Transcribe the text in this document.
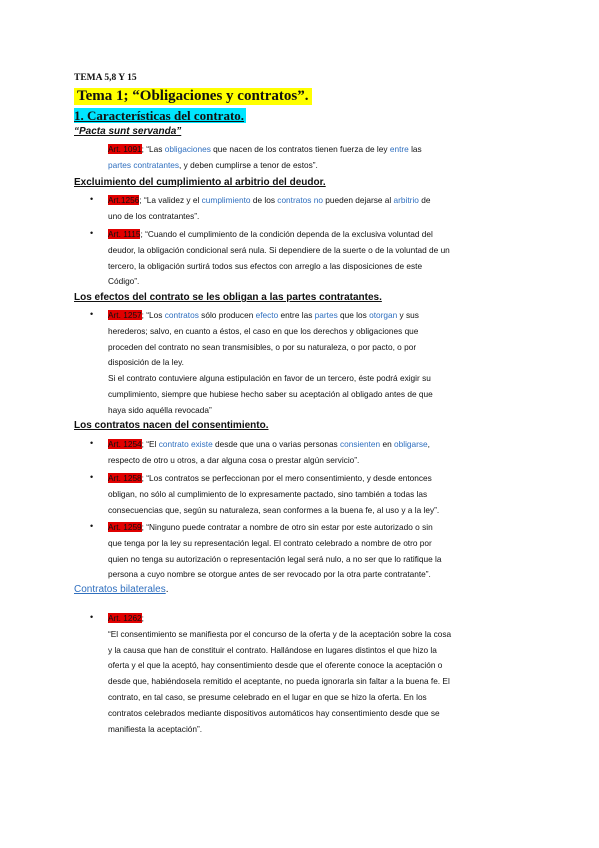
TEMA 5,8 Y 15
Tema 1; “Obligaciones y contratos”.
1. Características del contrato.
“Pacta sunt servanda”

Art. 1091; “Las obligaciones que nacen de los contratos tienen fuerza de ley entre las

partes contratantes, y deben cumplirse a tenor de estos”.

Excluimiento del cumplimiento al arbitrio del deudor.
• Art.1256; “La validez y el cumplimiento de los contratos no pueden dejarse al arbitrio de

uno de los contratantes”.

• Art. 1115; “Cuando el cumplimiento de la condición dependa de la exclusiva voluntad del

deudor, la obligación condicional será nula. Si dependiere de la suerte o de la voluntad de un

tercero, la obligación surtirá todos sus efectos con arreglo a las disposiciones de este

Código”.

Los efectos del contrato se les obligan a las partes contratantes.
• Art. 1257; “Los contratos sólo producen efecto entre las partes que los otorgan y sus

herederos; salvo, en cuanto a éstos, el caso en que los derechos y obligaciones que

proceden del contrato no sean transmisibles, o por su naturaleza, o por pacto, o por

disposición de la ley.

Si el contrato contuviere alguna estipulación en favor de un tercero, éste podrá exigir su

cumplimiento, siempre que hubiese hecho saber su aceptación al obligado antes de que

haya sido aquélla revocada”

Los contratos nacen del consentimiento.
• Art. 1254; “El contrato existe desde que una o varias personas consienten en obligarse,

respecto de otro u otros, a dar alguna cosa o prestar algún servicio”.

• Art. 1258; “Los contratos se perfeccionan por el mero consentimiento, y desde entonces

obligan, no sólo al cumplimiento de lo expresamente pactado, sino también a todas las

consecuencias que, según su naturaleza, sean conformes a la buena fe, al uso y a la ley”.

• Art. 1259; “Ninguno puede contratar a nombre de otro sin estar por este autorizado o sin

que tenga por la ley su representación legal. El contrato celebrado a nombre de otro por

quien no tenga su autorización o representación legal será nulo, a no ser que lo ratifique la

persona a cuyo nombre se otorgue antes de ser revocado por la otra parte contratante”.

Contratos bilaterales.
• Art. 1262;

“El consentimiento se manifiesta por el concurso de la oferta y de la aceptación sobre la cosa

y la causa que han de constituir el contrato. Hallándose en lugares distintos el que hizo la

oferta y el que la aceptó, hay consentimiento desde que el oferente conoce la aceptación o

desde que, habiéndosela remitido el aceptante, no pueda ignorarla sin faltar a la buena fe. El

contrato, en tal caso, se presume celebrado en el lugar en que se hizo la oferta. En los

contratos celebrados mediante dispositivos automáticos hay consentimiento desde que se

manifiesta la aceptación”.
